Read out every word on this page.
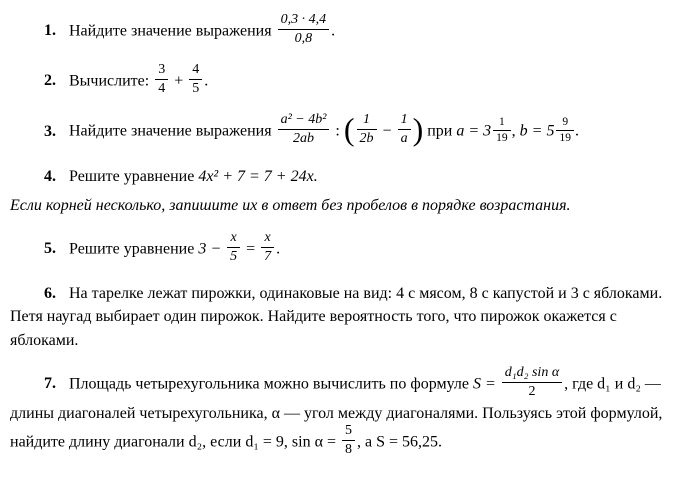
1. Найдите значение выражения $\frac{0,3 \cdot 4,4}{0,8}$ .

2. Вычислите: $\frac{3}{4} + \frac{4}{5}$ .

3. Найдите значение выражения $\frac{\text{a² − 4b²}}{2ab}$ : ( $\frac{1}{2b} - \frac{1}{a}$ ) при $a = 3 \frac{1}{19}$ , $b = 5 \frac{9}{19}$ .

4. Решите уравнение 4x² + 7 = 7 + 24x.

Если корней несколько, запишите их в ответ без пробелов в порядке возрастания.

5. Решите уравнение $3 - \frac{x}{5} = \frac{x}{7}$ .

6. На тарелке лежат пирожки, одинаковые на вид: 4 с мясом, 8 с капустой и 3 с яблоками. Петя наугад выбирает один пирожок. Найдите вероятность того, что пирожок окажется с яблоками.

7. Площадь четырехугольника можно вычислить по формуле $S = \frac{\text{d₁d₂ sin α}}{2}$ , где d₁ и d₂ — длины диагоналей четырехугольника, α — угол между диагоналями. Пользуясь этой формулой, найдите длину диагонали d₂, если d₁ = 9, $\sin \alpha = \frac{5}{8}$ , а S = 56,25.
